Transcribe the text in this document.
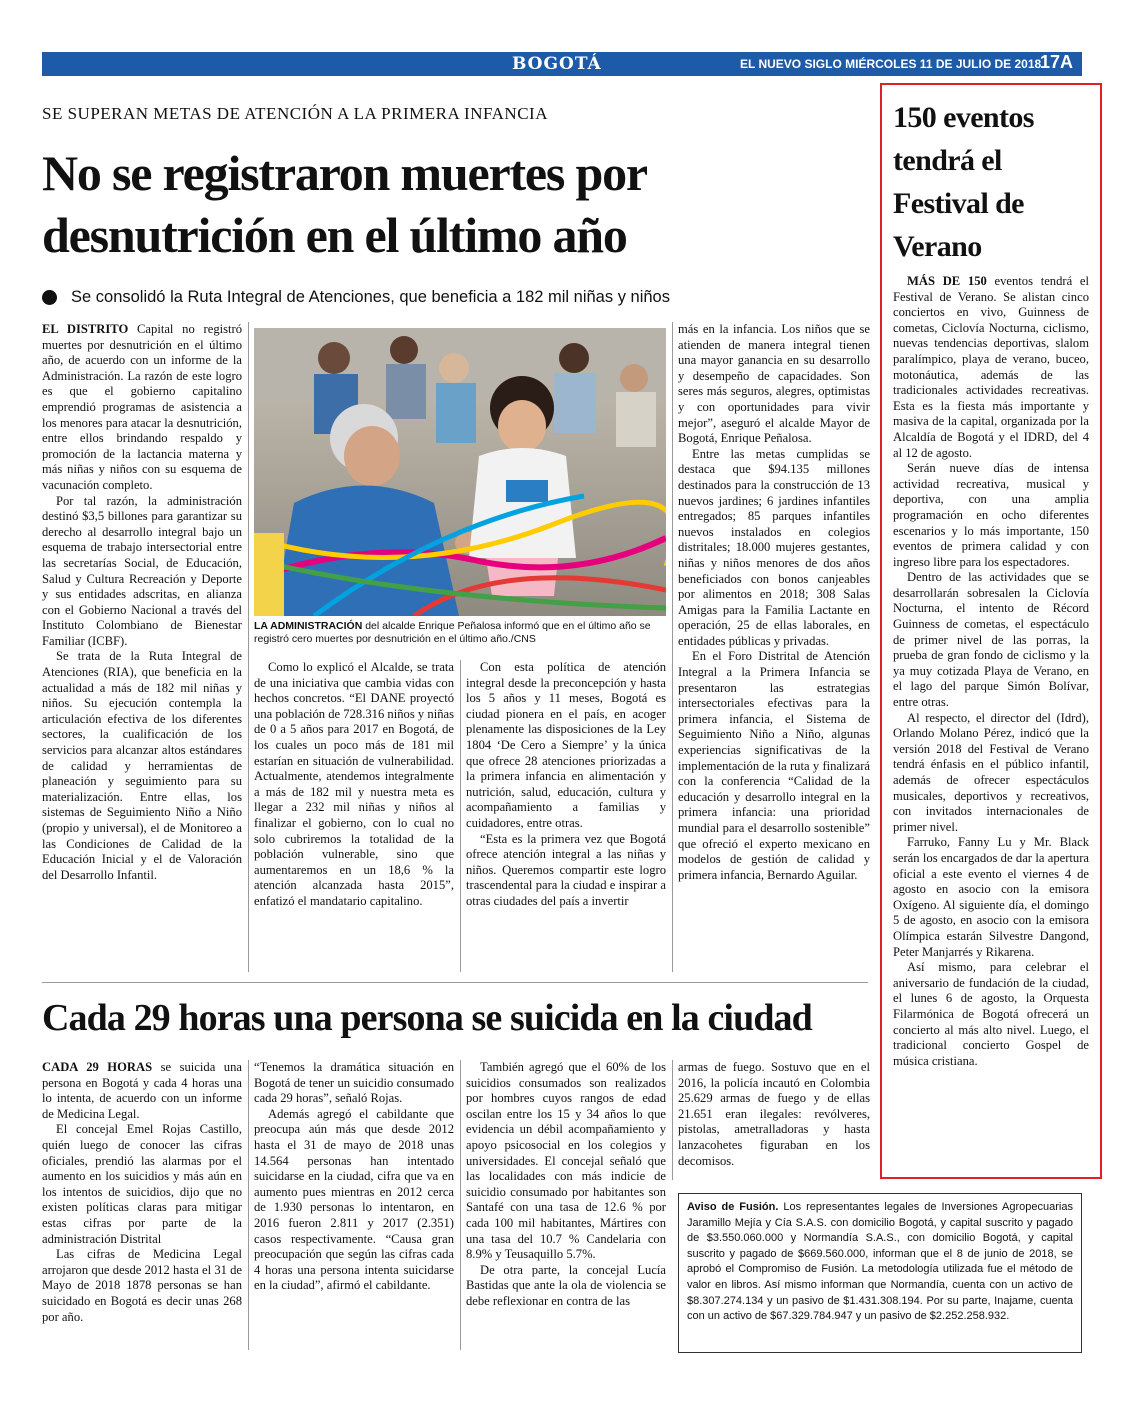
BOGOTÁ	EL NUEVO SIGLO MIÉRCOLES 11 DE JULIO DE 2018
17A
SE SUPERAN METAS DE ATENCIÓN A LA PRIMERA INFANCIA
No se registraron muertes por desnutrición en el último año
Se consolidó la Ruta Integral de Atenciones, que beneficia a 182 mil niñas y niños

EL DISTRITO Capital no registró muertes por desnutrición en el último año, de acuerdo con un informe de la Administración. La razón de este logro es que el gobierno capitalino emprendió programas de asistencia a los menores para atacar la desnutrición, entre ellos brindando respaldo y promoción de la lactancia materna y más niñas y niños con su esquema de vacunación completo.

Por tal razón, la administración destinó $3,5 billones para garantizar su derecho al desarrollo integral bajo un esquema de trabajo intersectorial entre las secretarías Social, de Educación, Salud y Cultura Recreación y Deporte y sus entidades adscritas, en alianza con el Gobierno Nacional a través del Instituto Colombiano de Bienestar Familiar (ICBF).

Se trata de la Ruta Integral de Atenciones (RIA), que beneficia en la actualidad a más de 182 mil niñas y niños. Su ejecución contempla la articulación efectiva de los diferentes sectores, la cualificación de los servicios para alcanzar altos estándares de calidad y herramientas de planeación y seguimiento para su materialización. Entre ellas, los sistemas de Seguimiento Niño a Niño (propio y universal), el de Monitoreo a las Condiciones de Calidad de la Educación Inicial y el de Valoración del Desarrollo Infantil.

LA ADMINISTRACIÓN del alcalde Enrique Peñalosa informó que en el último año se registró cero muertes por desnutrición en el último año./CNS

Como lo explicó el Alcalde, se trata de una iniciativa que cambia vidas con hechos concretos. “El DANE proyectó una población de 728.316 niños y niñas de 0 a 5 años para 2017 en Bogotá, de los cuales un poco más de 181 mil estarían en situación de vulnerabilidad. Actualmente, atendemos integralmente a más de 182 mil y nuestra meta es llegar a 232 mil niñas y niños al finalizar el gobierno, con lo cual no solo cubriremos la totalidad de la población vulnerable, sino que aumentaremos en un 18,6 % la atención alcanzada hasta 2015”, enfatizó el mandatario capitalino.

Con esta política de atención integral desde la preconcepción y hasta los 5 años y 11 meses, Bogotá es ciudad pionera en el país, en acoger plenamente las disposiciones de la Ley 1804 ‘De Cero a Siempre’ y la única que ofrece 28 atenciones priorizadas a la primera infancia en alimentación y nutrición, salud, educación, cultura y acompañamiento a familias y cuidadores, entre otras.

“Esta es la primera vez que Bogotá ofrece atención integral a las niñas y niños. Queremos compartir este logro trascendental para la ciudad e inspirar a otras ciudades del país a invertir

más en la infancia. Los niños que se atienden de manera integral tienen una mayor ganancia en su desarrollo y desempeño de capacidades. Son seres más seguros, alegres, optimistas y con oportunidades para vivir mejor”, aseguró el alcalde Mayor de Bogotá, Enrique Peñalosa.

Entre las metas cumplidas se destaca que $94.135 millones destinados para la construcción de 13 nuevos jardines; 6 jardines infantiles entregados; 85 parques infantiles nuevos instalados en colegios distritales; 18.000 mujeres gestantes, niñas y niños menores de dos años beneficiados con bonos canjeables por alimentos en 2018; 308 Salas Amigas para la Familia Lactante en operación, 25 de ellas laborales, en entidades públicas y privadas.

En el Foro Distrital de Atención Integral a la Primera Infancia se presentaron las estrategias intersectoriales efectivas para la primera infancia, el Sistema de Seguimiento Niño a Niño, algunas experiencias significativas de la implementación de la ruta y finalizará con la conferencia “Calidad de la educación y desarrollo integral en la primera infancia: una prioridad mundial para el desarrollo sostenible” que ofreció el experto mexicano en modelos de gestión de calidad y primera infancia, Bernardo Aguilar.

Cada 29 horas una persona se suicida en la ciudad

CADA 29 HORAS se suicida una persona en Bogotá y cada 4 horas una lo intenta, de acuerdo con un informe de Medicina Legal.

El concejal Emel Rojas Castillo, quién luego de conocer las cifras oficiales, prendió las alarmas por el aumento en los suicidios y más aún en los intentos de suicidios, dijo que no existen políticas claras para mitigar estas cifras por parte de la administración Distrital

Las cifras de Medicina Legal arrojaron que desde 2012 hasta el 31 de Mayo de 2018 1878 personas se han suicidado en Bogotá es decir unas 268 por año.

“Tenemos la dramática situación en Bogotá de tener un suicidio consumado cada 29 horas”, señaló Rojas.

Además agregó el cabildante que preocupa aún más que desde 2012 hasta el 31 de mayo de 2018 unas 14.564 personas han intentado suicidarse en la ciudad, cifra que va en aumento pues mientras en 2012 cerca de 1.930 personas lo intentaron, en 2016 fueron 2.811 y 2017 (2.351) casos respectivamente. “Causa gran preocupación que según las cifras cada 4 horas una persona intenta suicidarse en la ciudad”, afirmó el cabildante.

También agregó que el 60% de los suicidios consumados son realizados por hombres cuyos rangos de edad oscilan entre los 15 y 34 años lo que evidencia un débil acompañamiento y apoyo psicosocial en los colegios y universidades. El concejal señaló que las localidades con más indicie de suicidio consumado por habitantes son Santafé con una tasa de 12.6 % por cada 100 mil habitantes, Mártires con una tasa del 10.7 % Candelaria con 8.9% y Teusaquillo 5.7%.

De otra parte, la concejal Lucía Bastidas que ante la ola de violencia se debe reflexionar en contra de las

armas de fuego. Sostuvo que en el 2016, la policía incautó en Colombia 25.629 armas de fuego y de ellas 21.651 eran ilegales: revólveres, pistolas, ametralladoras y hasta lanzacohetes figuraban en los decomisos.

150 eventos tendrá el Festival de Verano

MÁS DE 150 eventos tendrá el Festival de Verano. Se alistan cinco conciertos en vivo, Guinness de cometas, Ciclovía Nocturna, ciclismo, nuevas tendencias deportivas, slalom paralímpico, playa de verano, buceo, motonáutica, además de las tradicionales actividades recreativas. Esta es la fiesta más importante y masiva de la capital, organizada por la Alcaldía de Bogotá y el IDRD, del 4 al 12 de agosto.

Serán nueve días de intensa actividad recreativa, musical y deportiva, con una amplia programación en ocho diferentes escenarios y lo más importante, 150 eventos de primera calidad y con ingreso libre para los espectadores.

Dentro de las actividades que se desarrollarán sobresalen la Ciclovía Nocturna, el intento de Récord Guinness de cometas, el espectáculo de primer nivel de las porras, la prueba de gran fondo de ciclismo y la ya muy cotizada Playa de Verano, en el lago del parque Simón Bolívar, entre otras.

Al respecto, el director del (Idrd), Orlando Molano Pérez, indicó que la versión 2018 del Festival de Verano tendrá énfasis en el público infantil, además de ofrecer espectáculos musicales, deportivos y recreativos, con invitados internacionales de primer nivel.

Farruko, Fanny Lu y Mr. Black serán los encargados de dar la apertura oficial a este evento el viernes 4 de agosto en asocio con la emisora Oxígeno. Al siguiente día, el domingo 5 de agosto, en asocio con la emisora Olímpica estarán Silvestre Dangond, Peter Manjarrés y Rikarena.

Así mismo, para celebrar el aniversario de fundación de la ciudad, el lunes 6 de agosto, la Orquesta Filarmónica de Bogotá ofrecerá un concierto al más alto nivel. Luego, el tradicional concierto Gospel de música cristiana.

Aviso de Fusión. Los representantes legales de Inversiones Agropecuarias Jaramillo Mejía y Cía S.A.S. con domicilio Bogotá, y capital suscrito y pagado de $3.550.060.000 y Normandía S.A.S., con domicilio Bogotá, y capital suscrito y pagado de $669.560.000, informan que el 8 de junio de 2018, se aprobó el Compromiso de Fusión. La metodología utilizada fue el método de valor en libros. Así mismo informan que Normandía, cuenta con un activo de $8.307.274.134 y un pasivo de $1.431.308.194. Por su parte, Inajame, cuenta con un activo de $67.329.784.947 y un pasivo de $2.252.258.932.
